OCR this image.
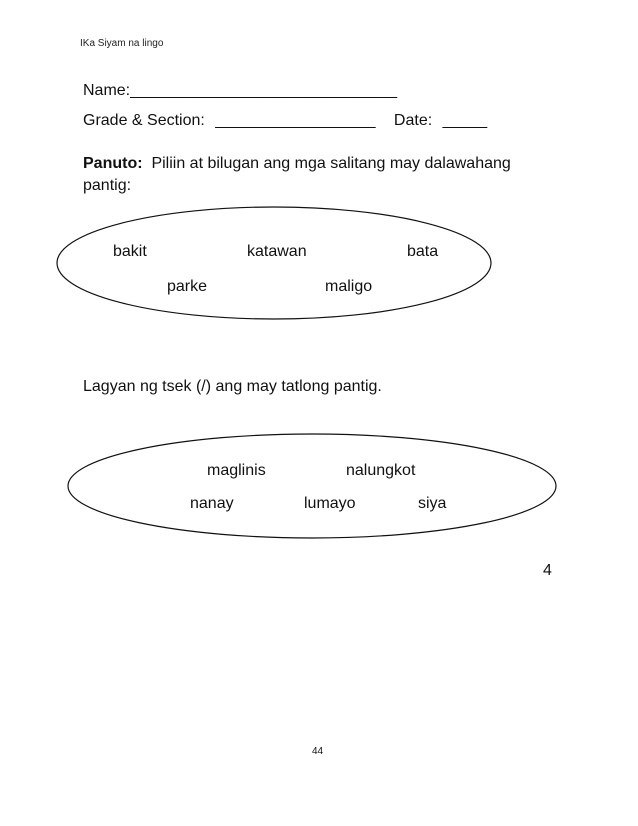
IKa Siyam na lingo
Name:______________________________
Grade & Section: __________________ Date: _____
Panuto: Piliin at bilugan ang mga salitang may dalawahang pantig:
bakit	katawan	bata
parke	maligo
Lagyan ng tsek (/) ang may tatlong pantig.
maglinis	nalungkot
nanay	lumayo	siya
4
44
